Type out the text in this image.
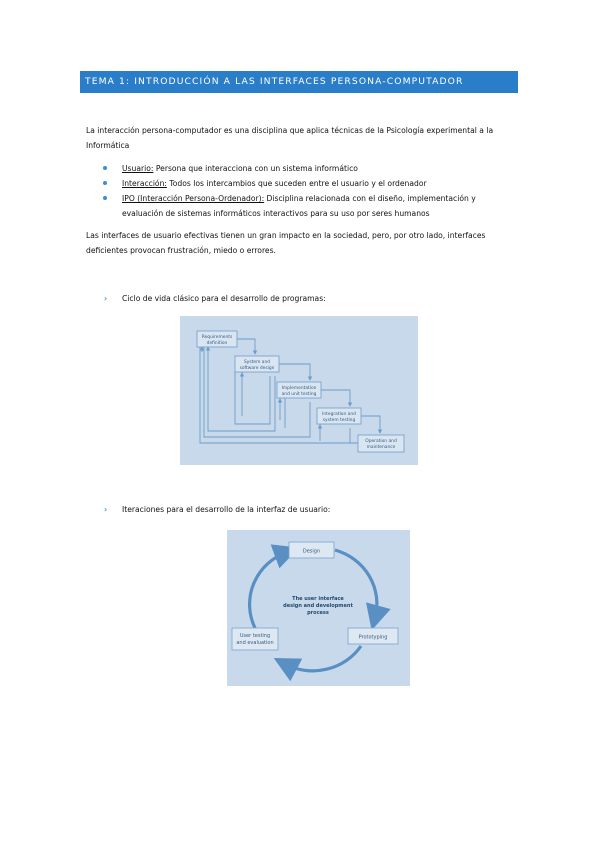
TEMA 1: INTRODUCCIÓN A LAS INTERFACES PERSONA-COMPUTADOR
La interacción persona-computador es una disciplina que aplica técnicas de la Psicología experimental a la Informática
Usuario: Persona que interacciona con un sistema informático
Interacción: Todos los intercambios que suceden entre el usuario y el ordenador
IPO (Interacción Persona-Ordenador): Disciplina relacionada con el diseño, implementación y evaluación de sistemas informáticos interactivos para su uso por seres humanos
Las interfaces de usuario efectivas tienen un gran impacto en la sociedad, pero, por otro lado, interfaces deficientes provocan frustración, miedo o errores.
› Ciclo de vida clásico para el desarrollo de programas:
Requirements
definition
System and
software design
Implementation
and unit testing
Integration and
system testing
Operation and
maintenance
› Iteraciones para el desarrollo de la interfaz de usuario:
Design
Prototyping
User testing
and evaluation
The user interface
design and development
process
